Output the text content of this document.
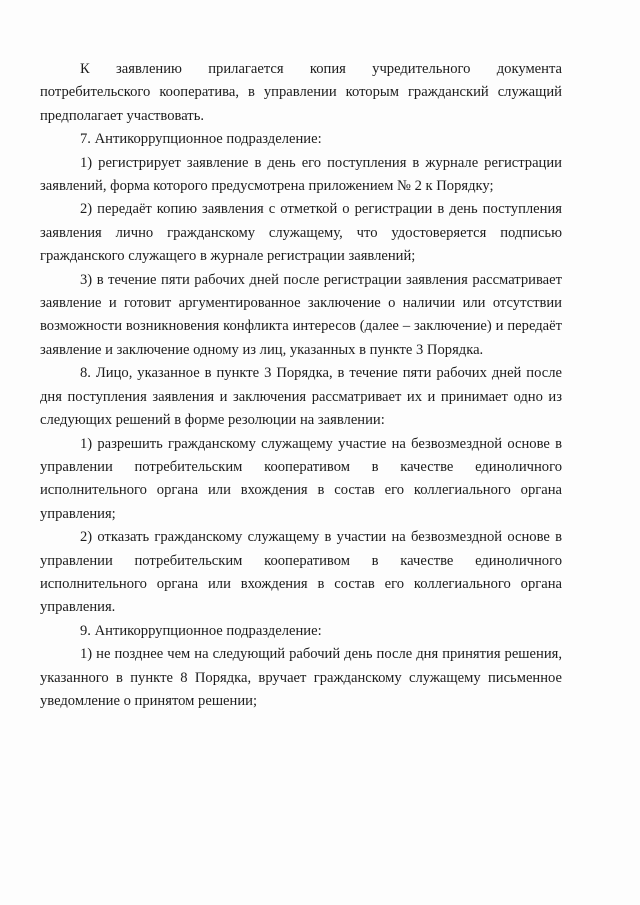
К заявлению прилагается копия учредительного документа потребительского кооператива, в управлении которым гражданский служащий предполагает участвовать.

7. Антикоррупционное подразделение:

1) регистрирует заявление в день его поступления в журнале регистрации заявлений, форма которого предусмотрена приложением № 2 к Порядку;

2) передаёт копию заявления с отметкой о регистрации в день поступления заявления лично гражданскому служащему, что удостоверяется подписью гражданского служащего в журнале регистрации заявлений;

3) в течение пяти рабочих дней после регистрации заявления рассматривает заявление и готовит аргументированное заключение о наличии или отсутствии возможности возникновения конфликта интересов (далее – заключение) и передаёт заявление и заключение одному из лиц, указанных в пункте 3 Порядка.

8. Лицо, указанное в пункте 3 Порядка, в течение пяти рабочих дней после дня поступления заявления и заключения рассматривает их и принимает одно из следующих решений в форме резолюции на заявлении:

1) разрешить гражданскому служащему участие на безвозмездной основе в управлении потребительским кооперативом в качестве единоличного исполнительного органа или вхождения в состав его коллегиального органа управления;

2) отказать гражданскому служащему в участии на безвозмездной основе в управлении потребительским кооперативом в качестве единоличного исполнительного органа или вхождения в состав его коллегиального органа управления.

9. Антикоррупционное подразделение:

1) не позднее чем на следующий рабочий день после дня принятия решения, указанного в пункте 8 Порядка, вручает гражданскому служащему письменное уведомление о принятом решении;
